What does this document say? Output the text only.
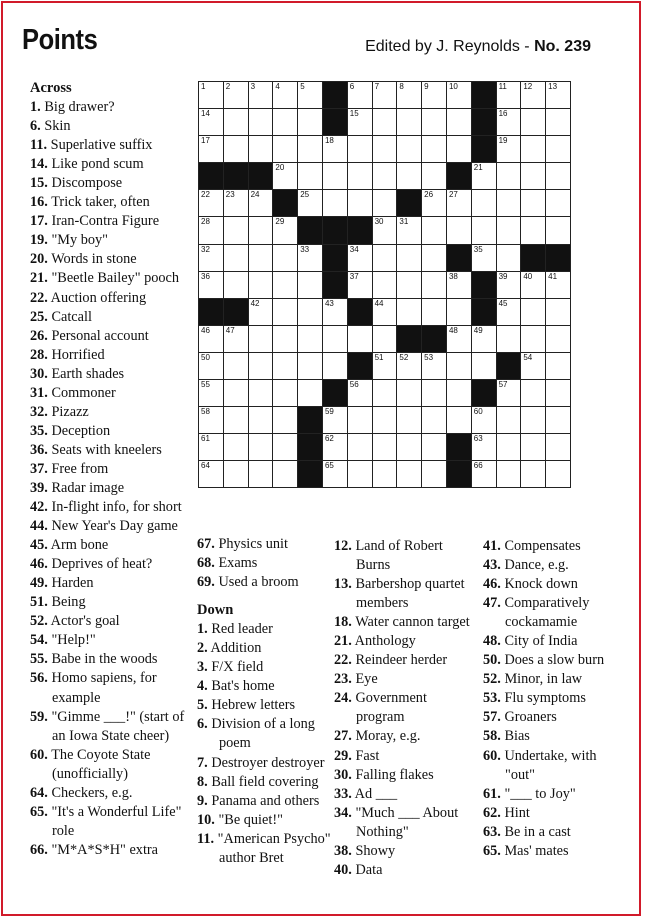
Points	Edited by J. Reynolds - No. 239
1	2	3	4	5		6	7	8	9	10		11	12	13

14						15						16		

17					18							19		

			20								21			

22	23	24		25					26	27				

28			29				30	31						

32				33		34					35			

36						37				38		39	40	41

		42			43		44					45		

46	47									48	49			

50							51	52	53				54	

55						56						57		

58					59						60			

61					62						63			

64					65						66			

Across
1. Big drawer?
6. Skin
11. Superlative suffix
14. Like pond scum
15. Discompose
16. Trick taker, often
17. Iran-Contra Figure
19. "My boy"
20. Words in stone
21. "Beetle Bailey" pooch
22. Auction offering
25. Catcall
26. Personal account
28. Horrified
30. Earth shades
31. Commoner
32. Pizazz
35. Deception
36. Seats with kneelers
37. Free from
39. Radar image
42. In-flight info, for short
44. New Year's Day game
45. Arm bone
46. Deprives of heat?
49. Harden
51. Being
52. Actor's goal
54. "Help!"
55. Babe in the woods
56. Homo sapiens, for example
59. "Gimme ___!" (start of an Iowa State cheer)
60. The Coyote State (unofficially)
64. Checkers, e.g.
65. "It's a Wonderful Life" role
66. "M*A*S*H" extra
67. Physics unit
68. Exams
69. Used a broom
Down
1. Red leader
2. Addition
3. F/X field
4. Bat's home
5. Hebrew letters
6. Division of a long poem
7. Destroyer destroyer
8. Ball field covering
9. Panama and others
10. "Be quiet!"
11. "American Psycho" author Bret
12. Land of Robert Burns
13. Barbershop quartet members
18. Water cannon target
21. Anthology
22. Reindeer herder
23. Eye
24. Government program
27. Moray, e.g.
29. Fast
30. Falling flakes
33. Ad ___
34. "Much ___ About Nothing"
38. Showy
40. Data
41. Compensates
43. Dance, e.g.
46. Knock down
47. Comparatively cockamamie
48. City of India
50. Does a slow burn
52. Minor, in law
53. Flu symptoms
57. Groaners
58. Bias
60. Undertake, with "out"
61. "___ to Joy"
62. Hint
63. Be in a cast
65. Mas' mates
